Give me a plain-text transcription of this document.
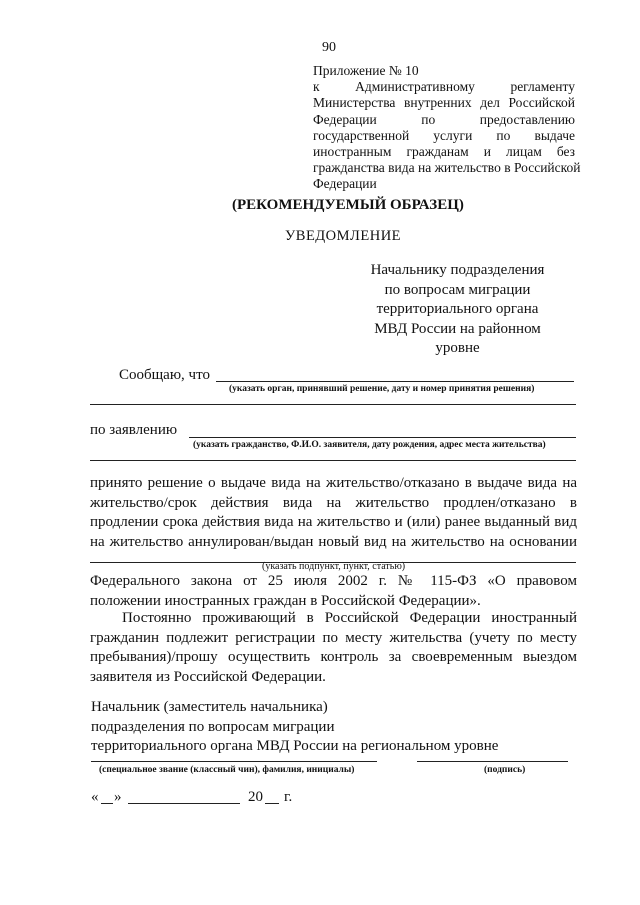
90
Приложение № 10
к Административному регламенту
Министерства внутренних дел Российской
Федерации по предоставлению
государственной услуги по выдаче
иностранным гражданам и лицам без
гражданства вида на жительство в Российской
Федерации
(РЕКОМЕНДУЕМЫЙ ОБРАЗЕЦ)
УВЕДОМЛЕНИЕ
Начальнику подразделения
по вопросам миграции
территориального органа
МВД России на районном
уровне
Сообщаю, что
(указать орган, принявший решение, дату и номер принятия решения)
по заявлению
(указать гражданство, Ф.И.О. заявителя, дату рождения, адрес места жительства)
принято решение о выдаче вида на жительство/отказано в выдаче вида на
жительство/срок действия вида на жительство продлен/отказано в
продлении срока действия вида на жительство и (или) ранее выданный вид
на жительство аннулирован/выдан новый вид на жительство на основании
(указать подпункт, пункт, статью)
Федерального закона от 25 июля 2002 г. № 115-ФЗ «О правовом
положении иностранных граждан в Российской Федерации».
Постоянно проживающий в Российской Федерации иностранный
гражданин подлежит регистрации по месту жительства (учету по месту
пребывания)/прошу осуществить контроль за своевременным выездом
заявителя из Российской Федерации.
Начальник (заместитель начальника)
подразделения по вопросам миграции
территориального органа МВД России на региональном уровне
(специальное звание (классный чин), фамилия, инициалы)	(подпись)
« »	20 г.
